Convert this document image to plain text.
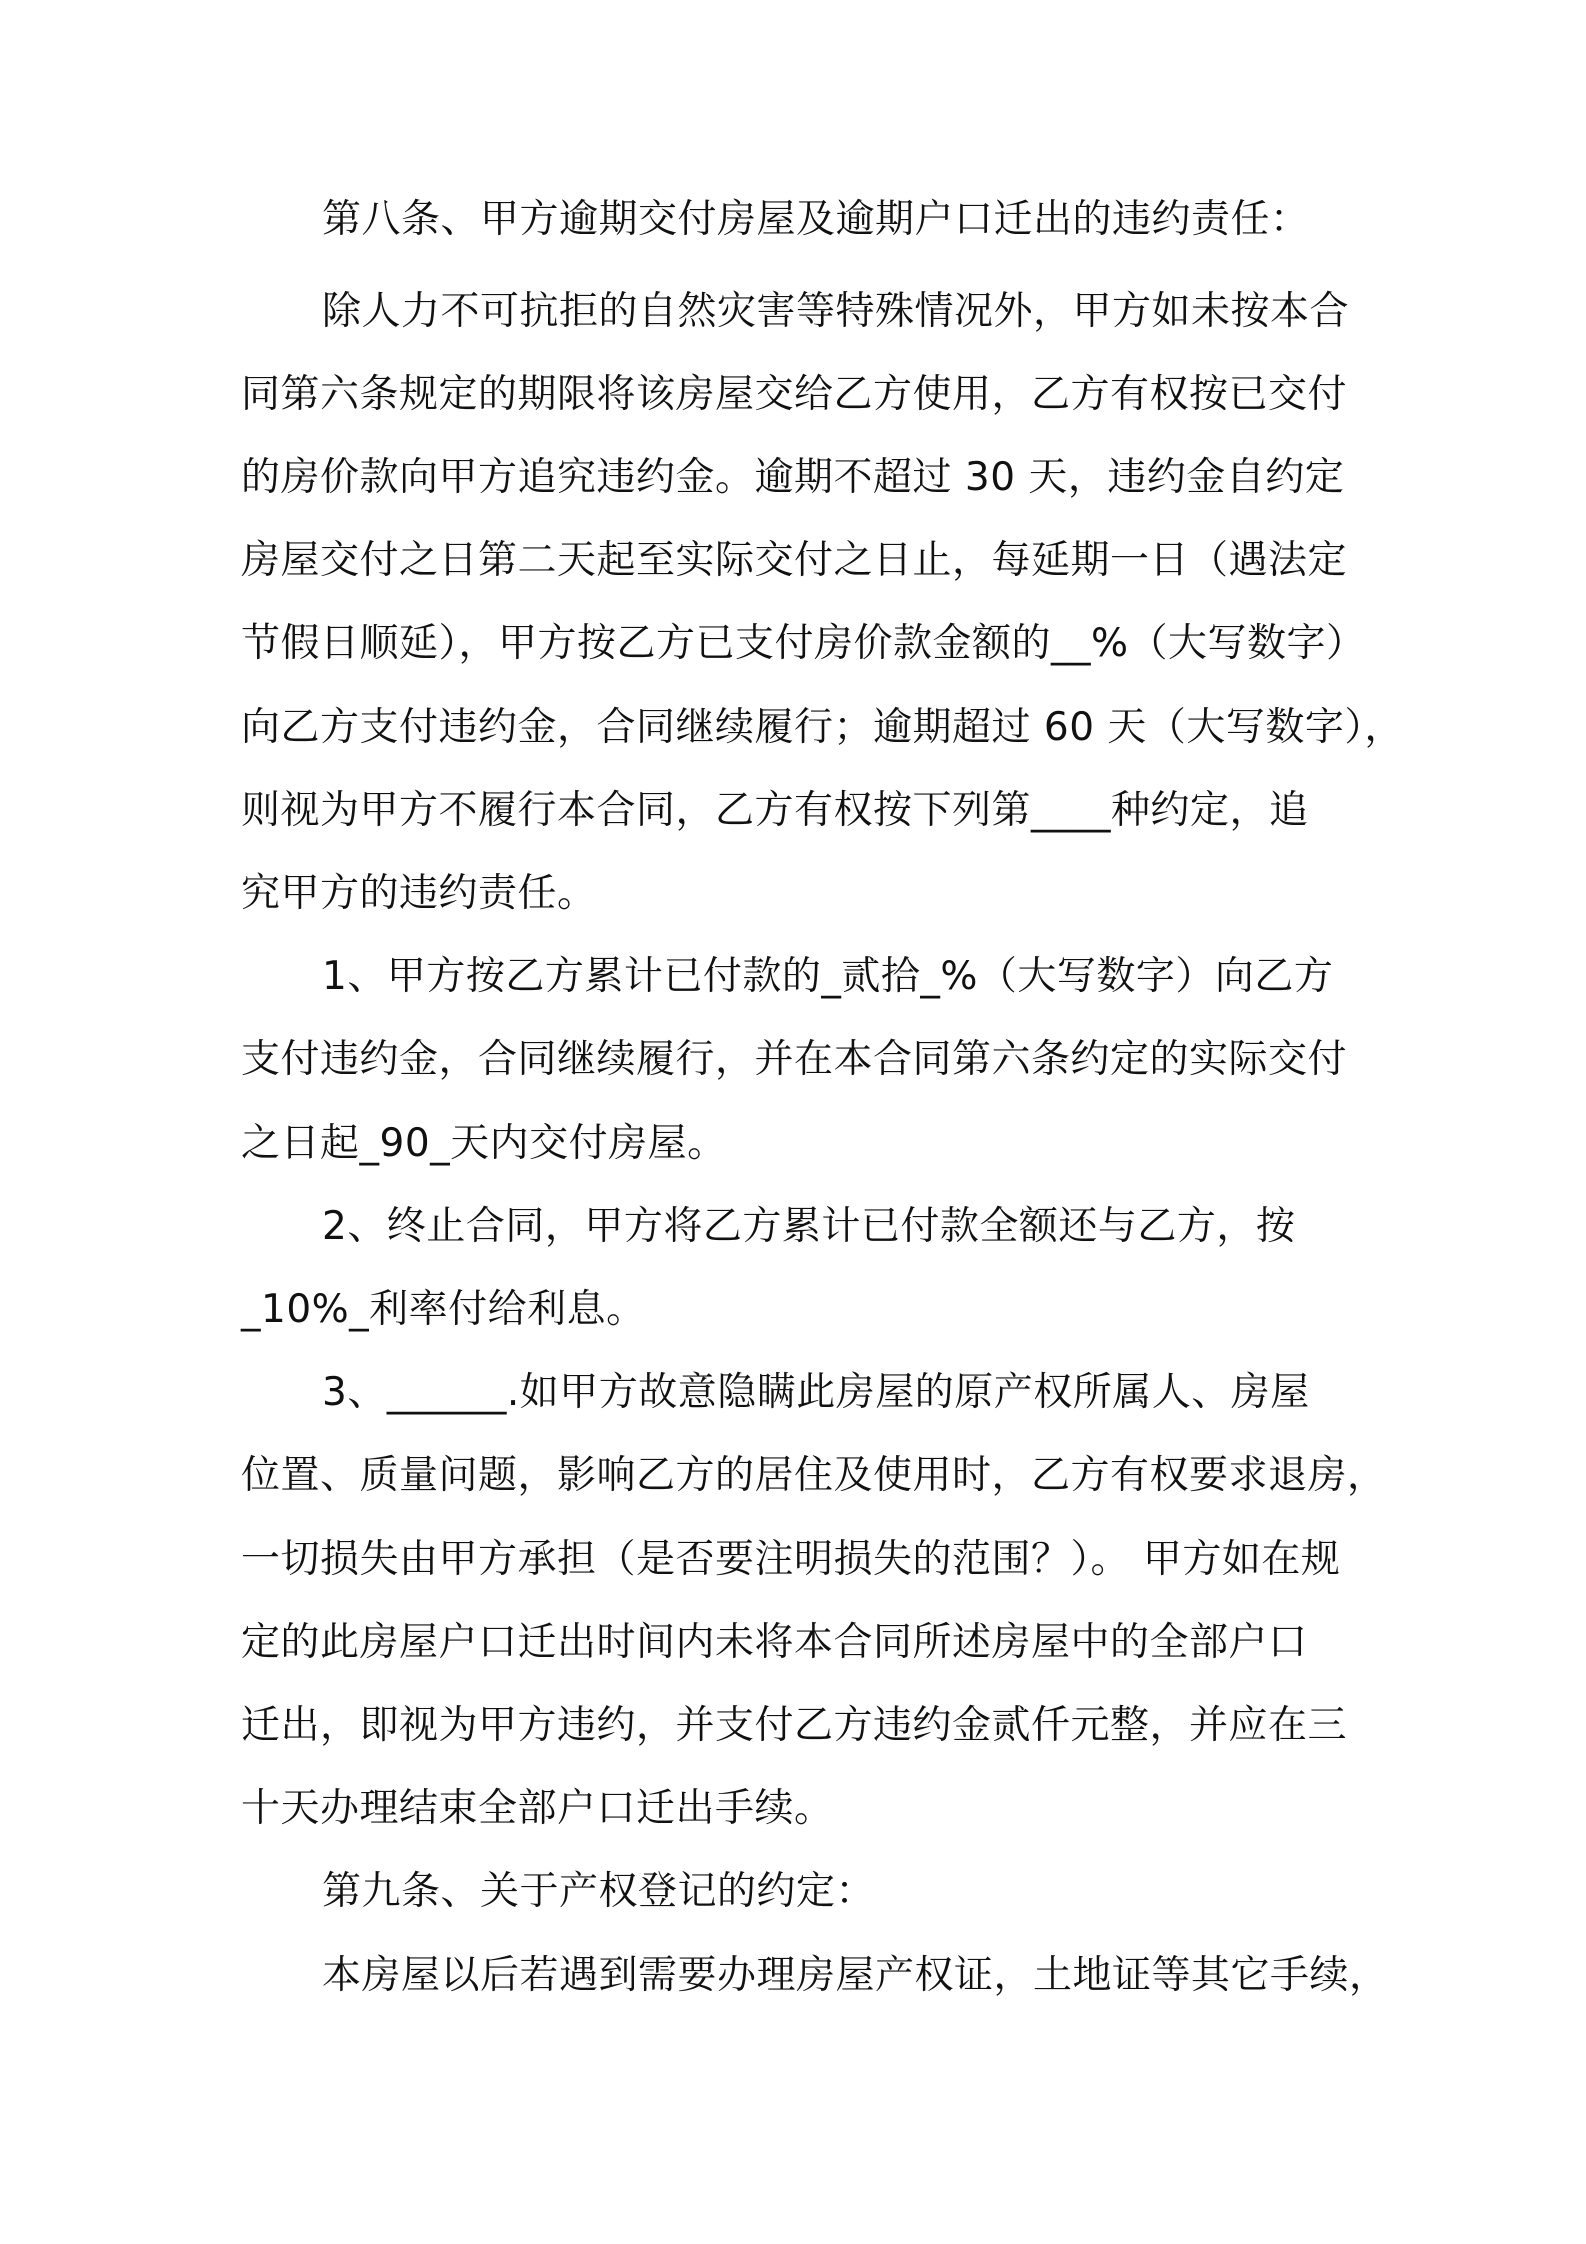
第八条、甲方逾期交付房屋及逾期户口迁出的违约责任：
除人力不可抗拒的自然灾害等特殊情况外，甲方如未按本合
同第六条规定的期限将该房屋交给乙方使用，乙方有权按已交付
的房价款向甲方追究违约金。逾期不超过 30 天，违约金自约定
房屋交付之日第二天起至实际交付之日止，每延期一日（遇法定
节假日顺延），甲方按乙方已支付房价款金额的__%（大写数字）
向乙方支付违约金，合同继续履行；逾期超过 60 天（大写数字），
则视为甲方不履行本合同，乙方有权按下列第____种约定，追
究甲方的违约责任。
1、甲方按乙方累计已付款的_贰拾_%（大写数字）向乙方
支付违约金，合同继续履行，并在本合同第六条约定的实际交付
之日起_90_天内交付房屋。
2、终止合同，甲方将乙方累计已付款全额还与乙方，按
_10%_利率付给利息。
3、______.如甲方故意隐瞒此房屋的原产权所属人、房屋
位置、质量问题，影响乙方的居住及使用时，乙方有权要求退房，
一切损失由甲方承担（是否要注明损失的范围？）。 甲方如在规
定的此房屋户口迁出时间内未将本合同所述房屋中的全部户口
迁出，即视为甲方违约，并支付乙方违约金贰仟元整，并应在三
十天办理结束全部户口迁出手续。
第九条、关于产权登记的约定：
本房屋以后若遇到需要办理房屋产权证，土地证等其它手续，
